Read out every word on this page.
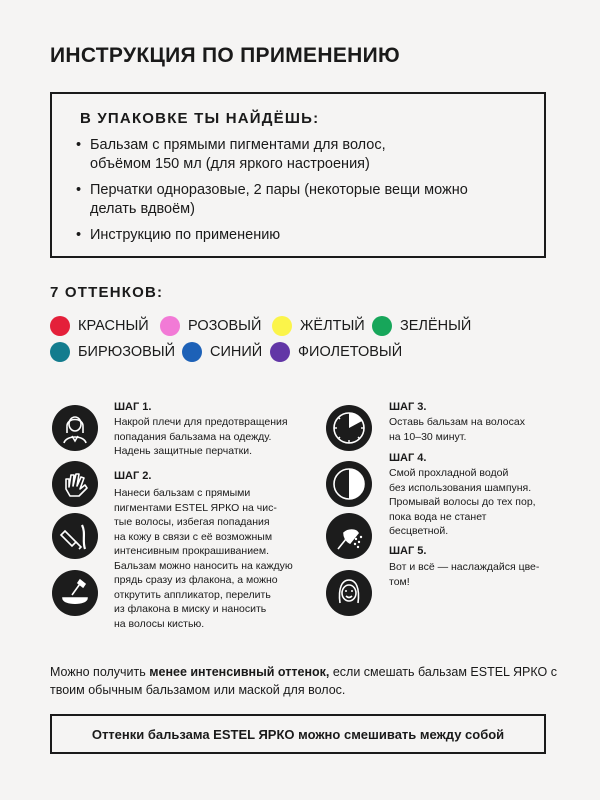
ИНСТРУКЦИЯ ПО ПРИМЕНЕНИЮ
В УПАКОВКЕ ТЫ НАЙДЁШЬ:
• Бальзам с прямыми пигментами для волос,
объёмом 150 мл (для яркого настроения)
• Перчатки одноразовые, 2 пары (некоторые вещи можно
делать вдвоём)
• Инструкцию по применению
7 ОТТЕНКОВ:
КРАСНЫЙ	РОЗОВЫЙ	ЖЁЛТЫЙ ЗЕЛЁНЫЙ
БИРЮЗОВЫЙ СИНИЙ ФИОЛЕТОВЫЙ
ШАГ 1.
Накрой плечи для предотвращения
попадания бальзама на одежду.
Надень защитные перчатки.
ШАГ 2.
Нанеси бальзам с прямыми
пигментами ESTEL ЯРКО на чис-
тые волосы, избегая попадания
на кожу в связи с её возможным
интенсивным прокрашиванием.
Бальзам можно наносить на каждую
прядь сразу из флакона, а можно
открутить аппликатор, перелить
из флакона в миску и наносить
на волосы кистью.
ШАГ 3.
Оставь бальзам на волосах
на 10–30 минут.
ШАГ 4.
Смой прохладной водой
без использования шампуня.
Промывай волосы до тех пор,
пока вода не станет
бесцветной.
ШАГ 5.
Вот и всё — наслаждайся цве-
том!
Можно получить менее интенсивный оттенок, если смешать бальзам ESTEL ЯРКО с твоим обычным бальзамом или маской для волос.
Оттенки бальзама ESTEL ЯРКО можно смешивать между собой
